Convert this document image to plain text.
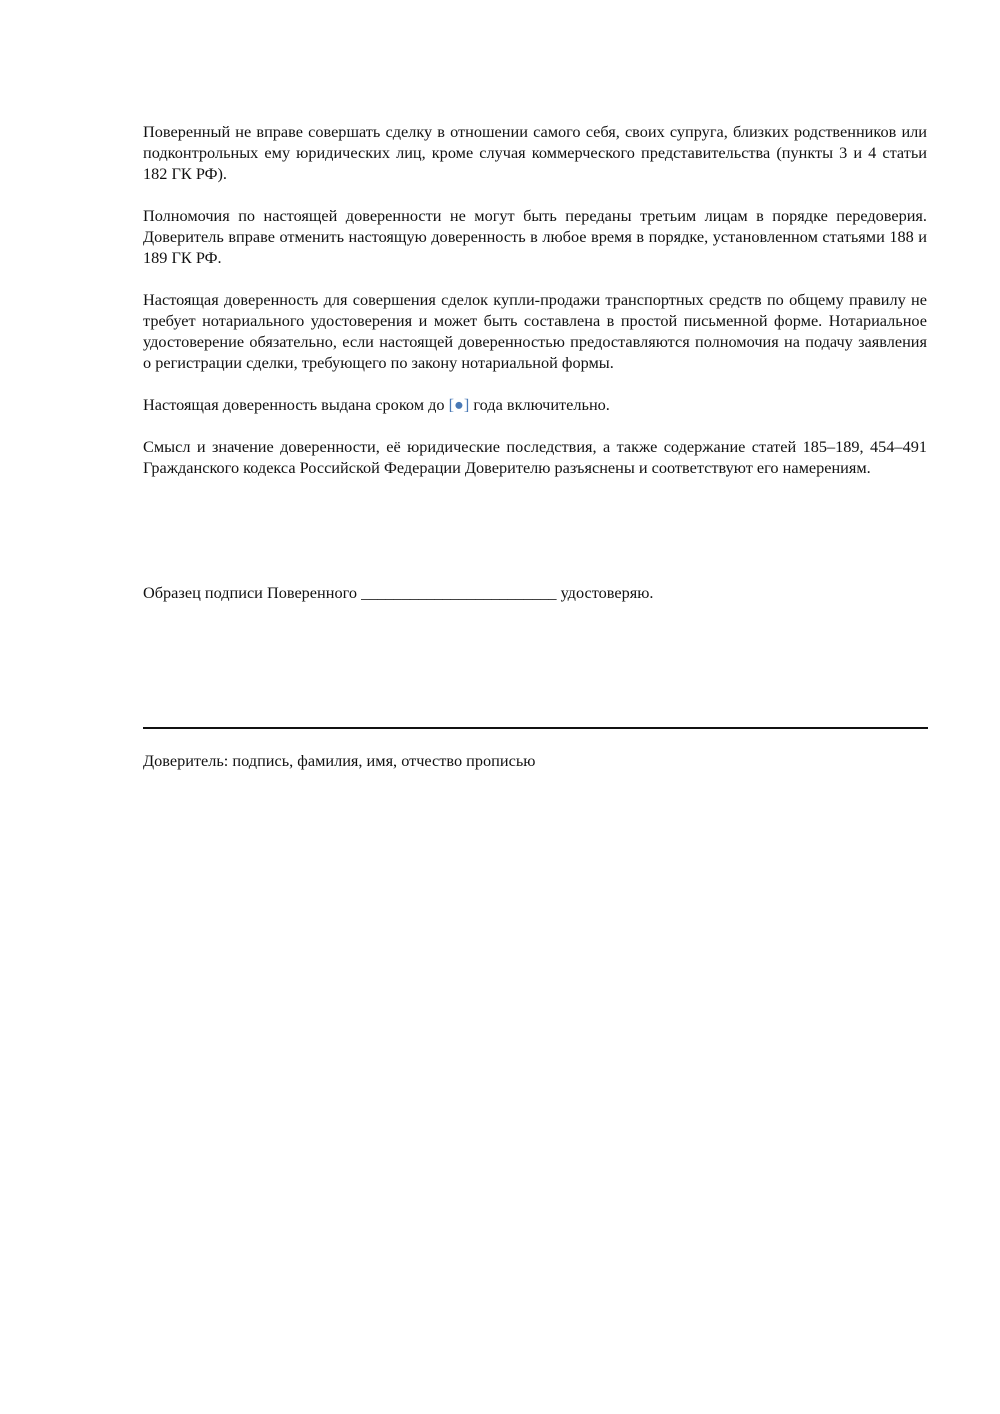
Поверенный не вправе совершать сделку в отношении самого себя, своих супруга, близких родственников или подконтрольных ему юридических лиц, кроме случая коммерческого представительства (пункты 3 и 4 статьи 182 ГК РФ).

Полномочия по настоящей доверенности не могут быть переданы третьим лицам в порядке передоверия. Доверитель вправе отменить настоящую доверенность в любое время в порядке, установленном статьями 188 и 189 ГК РФ.

Настоящая доверенность для совершения сделок купли-продажи транспортных средств по общему правилу не требует нотариального удостоверения и может быть составлена в простой письменной форме. Нотариальное удостоверение обязательно, если настоящей доверенностью предоставляются полномочия на подачу заявления о регистрации сделки, требующего по закону нотариальной формы.

Настоящая доверенность выдана сроком до [●] года включительно.

Смысл и значение доверенности, её юридические последствия, а также содержание статей 185–189, 454–491 Гражданского кодекса Российской Федерации Доверителю разъяснены и соответствуют его намерениям.

Образец подписи Поверенного ________________________ удостоверяю.
Доверитель: подпись, фамилия, имя, отчество прописью
